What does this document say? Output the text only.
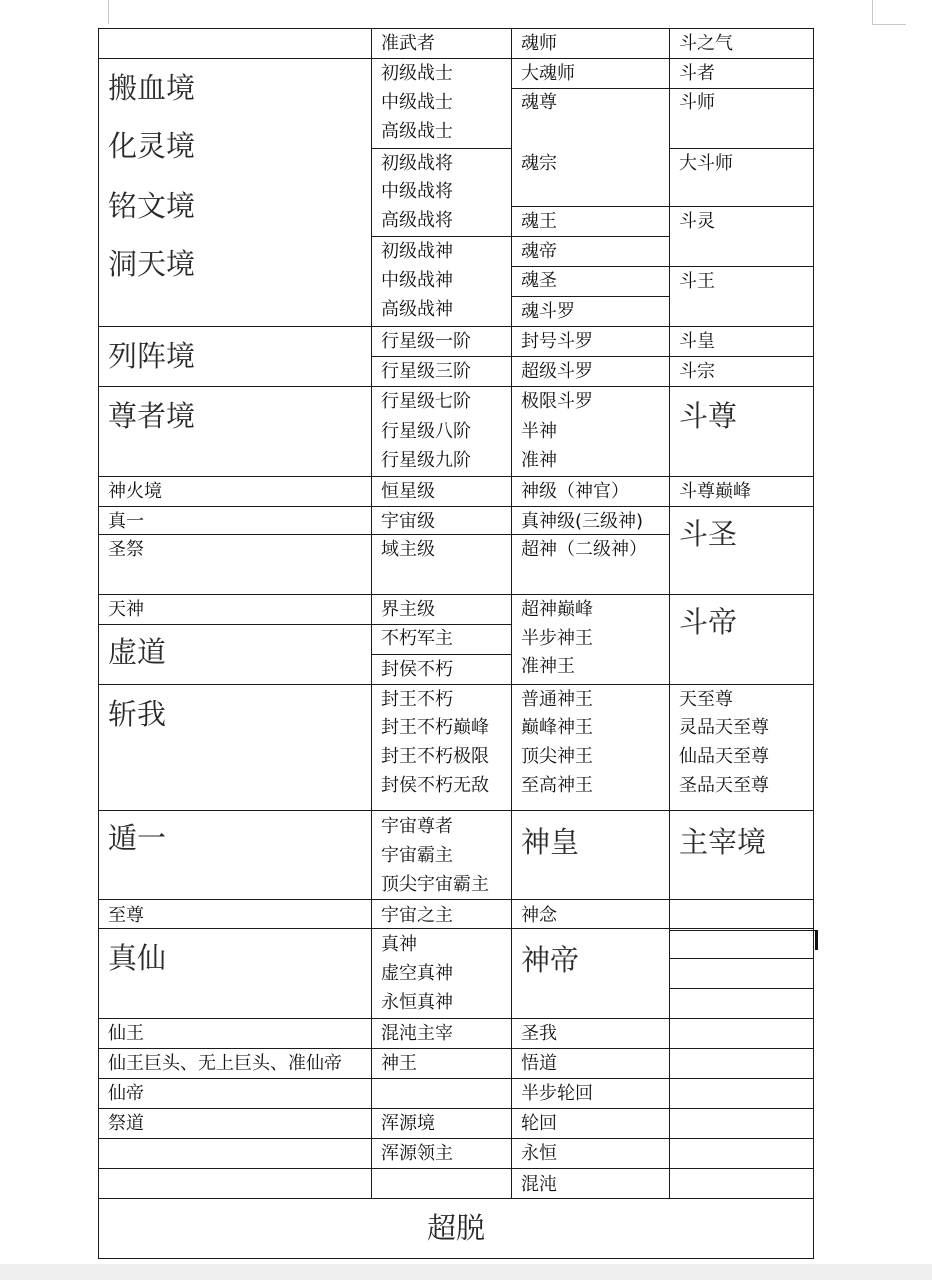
准武者	魂师	斗之气
搬血境
化灵境
铭文境
洞天境
列阵境
尊者境
虚道
斩我
遁一
真仙
神火境
真一
圣祭
天神
至尊
仙王
仙王巨头、无上巨头、准仙帝
仙帝
祭道
初级战士
中级战士
高级战士
初级战将
中级战将
高级战将
初级战神
中级战神
高级战神
行星级一阶
行星级三阶
行星级七阶
行星级八阶
行星级九阶
恒星级
宇宙级
域主级
界主级
不朽军主
封侯不朽
封王不朽
封王不朽巅峰
封王不朽极限
封侯不朽无敌
宇宙尊者
宇宙霸主
顶尖宇宙霸主
宇宙之主
真神
虚空真神
永恒真神
混沌主宰
神王
浑源境
浑源领主
大魂师
魂尊
魂宗
魂王
魂帝
魂圣
魂斗罗
封号斗罗
超级斗罗
极限斗罗
半神
准神
神级（神官）
真神级(三级神)
超神（二级神）
超神巅峰
半步神王
准神王
普通神王
巅峰神王
顶尖神王
至高神王
神念
圣我
悟道
半步轮回
轮回
永恒
混沌
神皇
神帝
斗者
斗师
大斗师
斗灵
斗王
斗皇
斗宗
斗尊巅峰
天至尊
灵品天至尊
仙品天至尊
圣品天至尊
斗尊
斗圣
斗帝
主宰境
超脱
